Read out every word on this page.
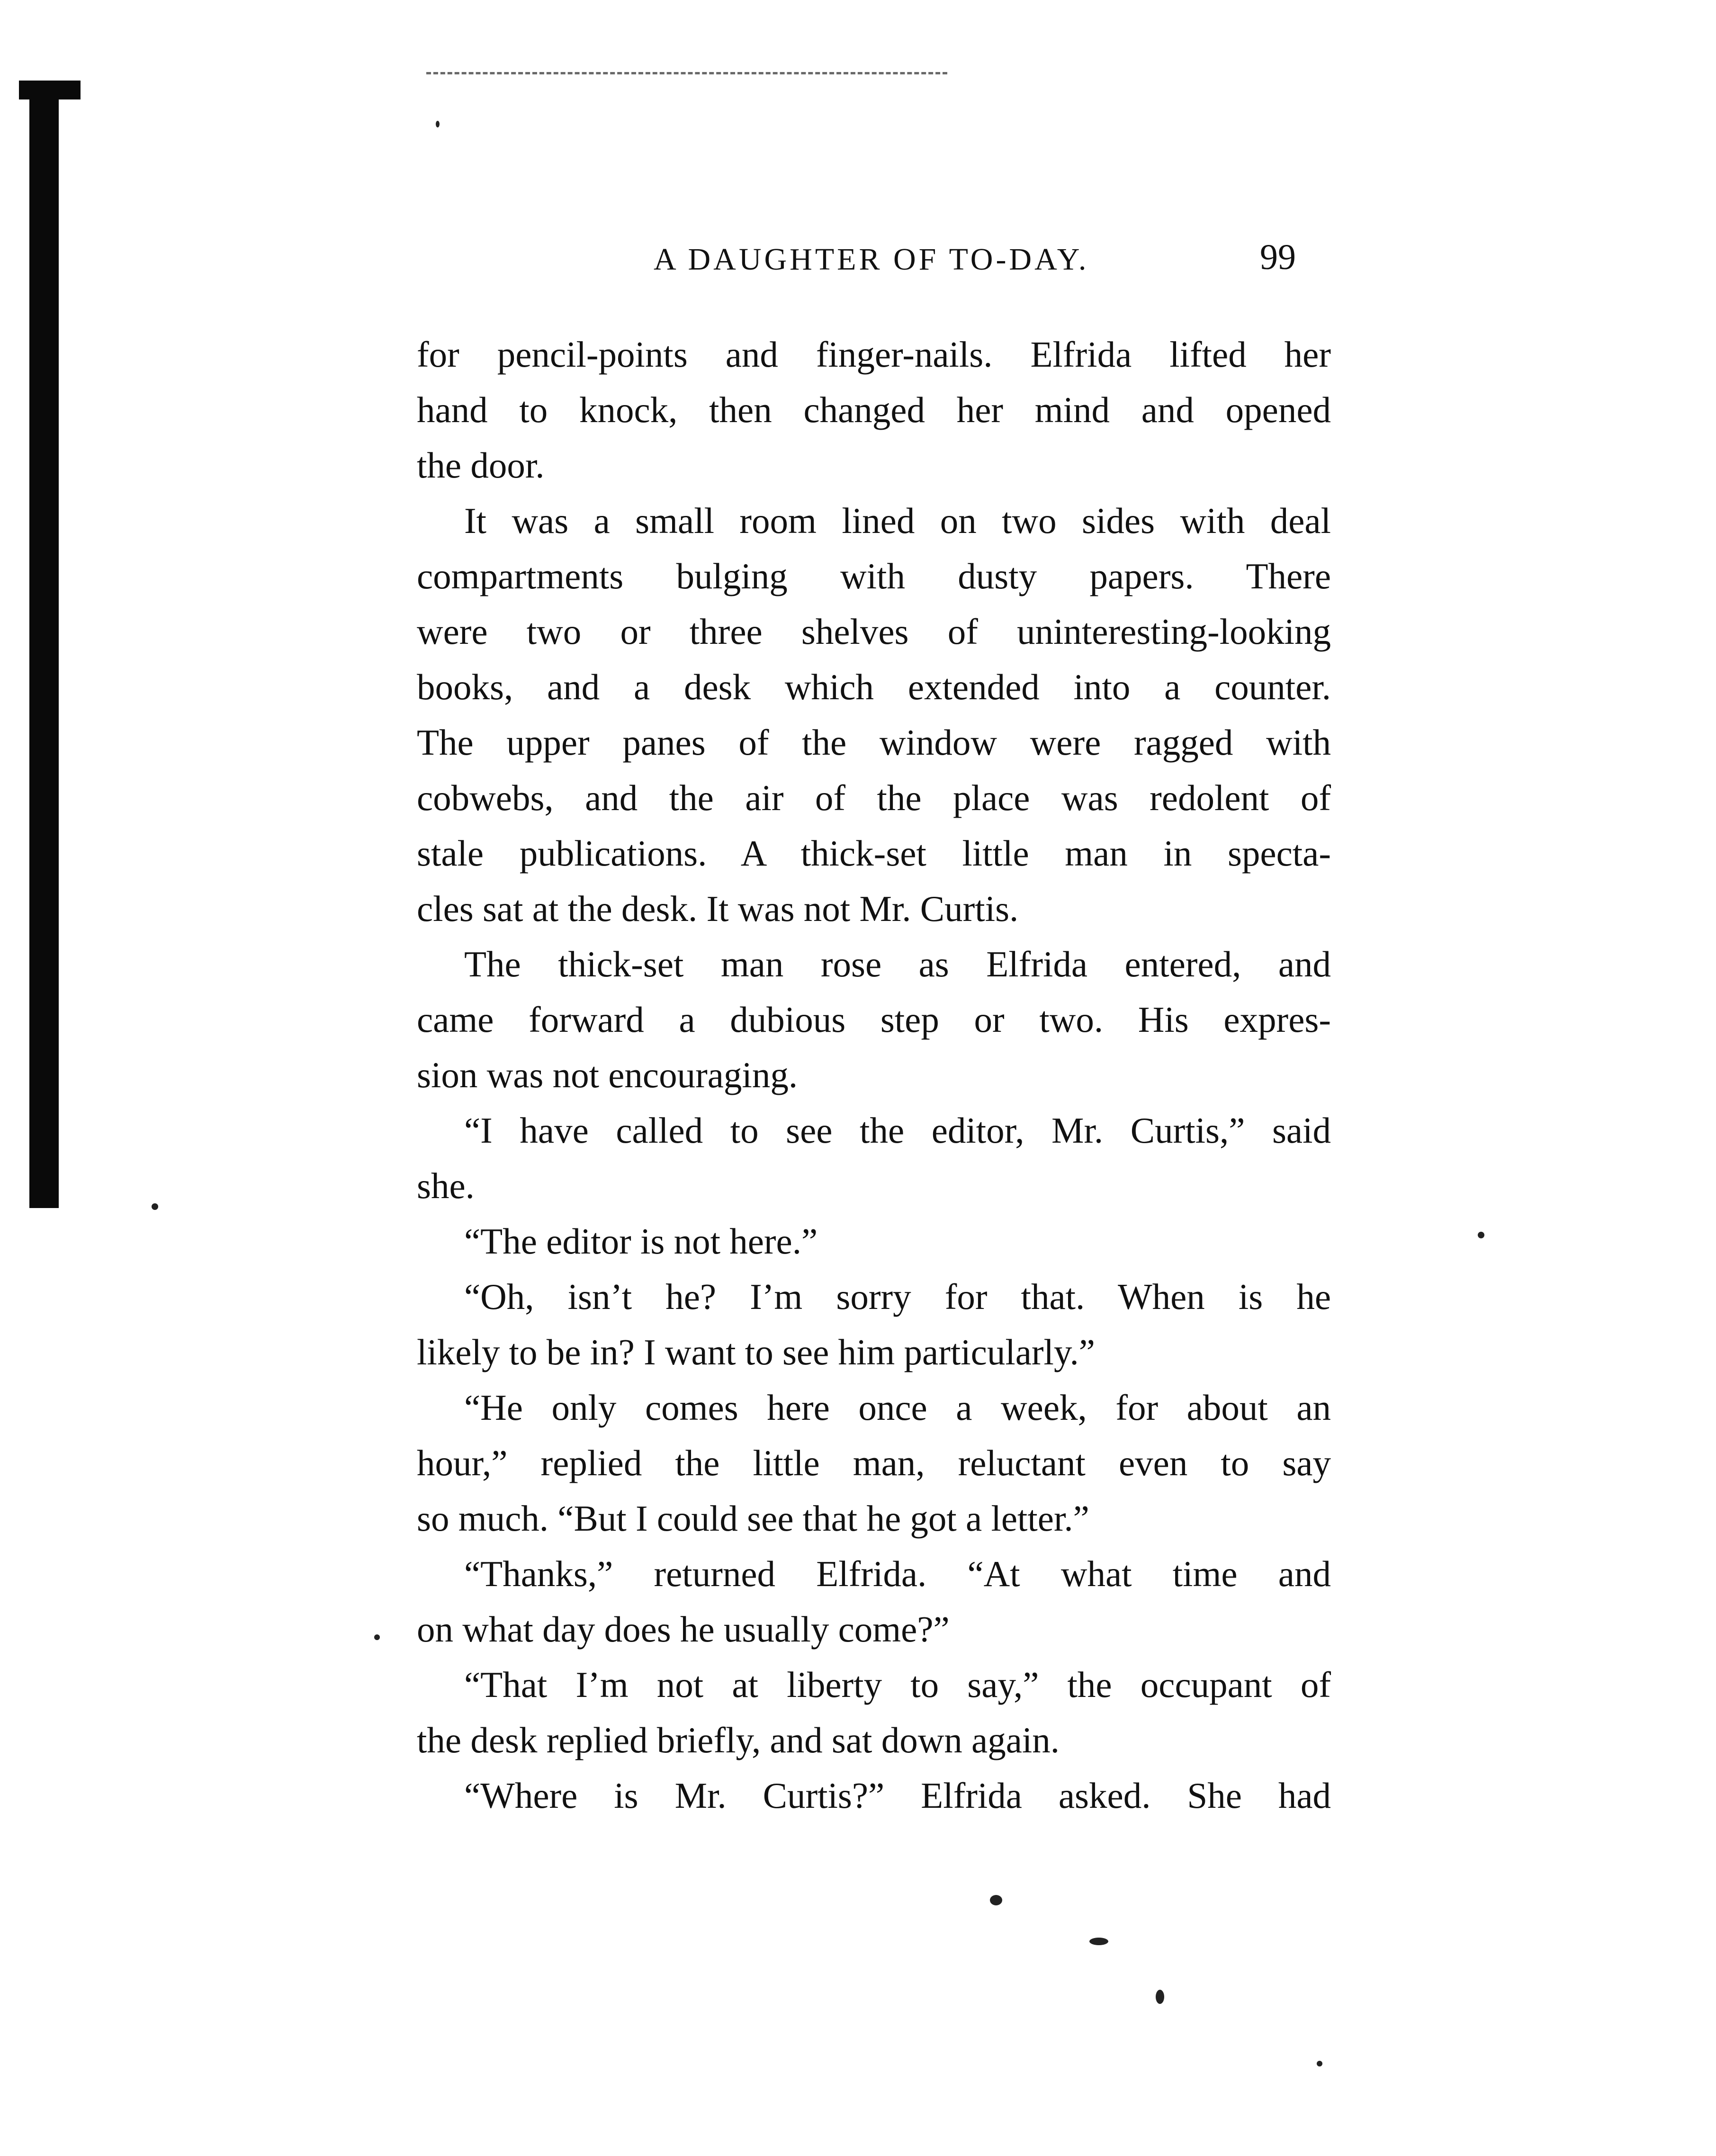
A DAUGHTER OF TO-DAY.	99
for pencil-points and finger-nails. Elfrida lifted her
hand to knock, then changed her mind and opened
the door.
It was a small room lined on two sides with deal
compartments bulging with dusty papers. There
were two or three shelves of uninteresting-looking
books, and a desk which extended into a counter.
The upper panes of the window were ragged with
cobwebs, and the air of the place was redolent of
stale publications. A thick-set little man in specta-
cles sat at the desk. It was not Mr. Curtis.
The thick-set man rose as Elfrida entered, and
came forward a dubious step or two. His expres-
sion was not encouraging.
“I have called to see the editor, Mr. Curtis,” said
she.
“The editor is not here.”
“Oh, isn’t he? I’m sorry for that. When is he
likely to be in? I want to see him particularly.”
“He only comes here once a week, for about an
hour,” replied the little man, reluctant even to say
so much. “But I could see that he got a letter.”
“Thanks,” returned Elfrida. “At what time and
on what day does he usually come?”
“That I’m not at liberty to say,” the occupant of
the desk replied briefly, and sat down again.
“Where is Mr. Curtis?” Elfrida asked. She had
